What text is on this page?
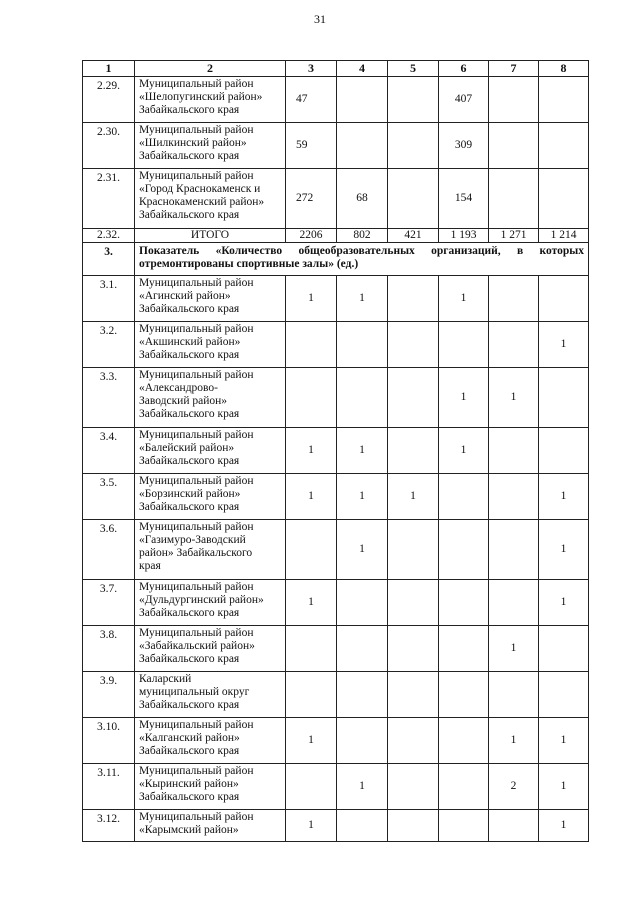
31
1	2	3	4	5	6	7	8
2.29.	Муниципальный район
«Шелопугинский район»
Забайкальского края	47			407		
2.30.	Муниципальный район
«Шилкинский район»
Забайкальского края	59			309		
2.31.	Муниципальный район
«Город Краснокаменск и
Краснокаменский район»
Забайкальского края	272	68		154		
2.32.	ИТОГО	2206	802	421	1 193	1 271	1 214
3.	Показатель «Количество общеобразовательных организаций, в которых отремонтированы спортивные залы» (ед.)						
3.1.	Муниципальный район
«Агинский район»
Забайкальского края	1	1		1		
3.2.	Муниципальный район
«Акшинский район»
Забайкальского края						1
3.3.	Муниципальный район
«Александрово-
Заводский район»
Забайкальского края				1	1	
3.4.	Муниципальный район
«Балейский район»
Забайкальского края	1	1		1		
3.5.	Муниципальный район
«Борзинский район»
Забайкальского края	1	1	1			1
3.6.	Муниципальный район
«Газимуро-Заводский
район» Забайкальского
края		1				1
3.7.	Муниципальный район
«Дульдургинский район»
Забайкальского края	1					1
3.8.	Муниципальный район
«Забайкальский район»
Забайкальского края					1	
3.9.	Каларский
муниципальный округ
Забайкальского края						
3.10.	Муниципальный район
«Калганский район»
Забайкальского края	1				1	1
3.11.	Муниципальный район
«Кыринский район»
Забайкальского края		1			2	1
3.12.	Муниципальный район
«Карымский район»	1					1
